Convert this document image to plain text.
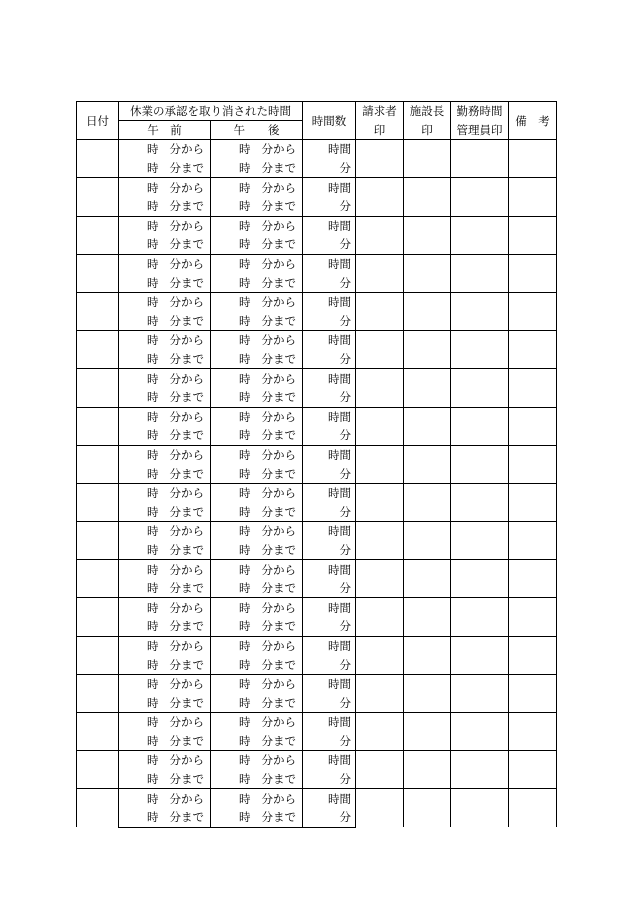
日付	休業の承認を取り消された時間		時間数	請求者	施設長	勤務時間	備　考
	午　前	午　　後		印	印	管理員印	

	時 分から	時 分から	時間				

	時 分まで	時 分まで	分				

	時 分から	時 分から	時間				

	時 分まで	時 分まで	分				

	時 分から	時 分から	時間				

	時 分まで	時 分まで	分				

	時 分から	時 分から	時間				

	時 分まで	時 分まで	分				

	時 分から	時 分から	時間				

	時 分まで	時 分まで	分				

	時 分から	時 分から	時間				

	時 分まで	時 分まで	分				

	時 分から	時 分から	時間				

	時 分まで	時 分まで	分				

	時 分から	時 分から	時間				

	時 分まで	時 分まで	分				

	時 分から	時 分から	時間				

	時 分まで	時 分まで	分				

	時 分から	時 分から	時間				

	時 分まで	時 分まで	分				

	時 分から	時 分から	時間				

	時 分まで	時 分まで	分				

	時 分から	時 分から	時間				

	時 分まで	時 分まで	分				

	時 分から	時 分から	時間				

	時 分まで	時 分まで	分				

	時 分から	時 分から	時間				

	時 分まで	時 分まで	分				

	時 分から	時 分から	時間				

	時 分まで	時 分まで	分				

	時 分から	時 分から	時間				

	時 分まで	時 分まで	分				

	時 分から	時 分から	時間				

	時 分まで	時 分まで	分				

	時 分から	時 分から	時間				

	時 分まで	時 分まで	分				
